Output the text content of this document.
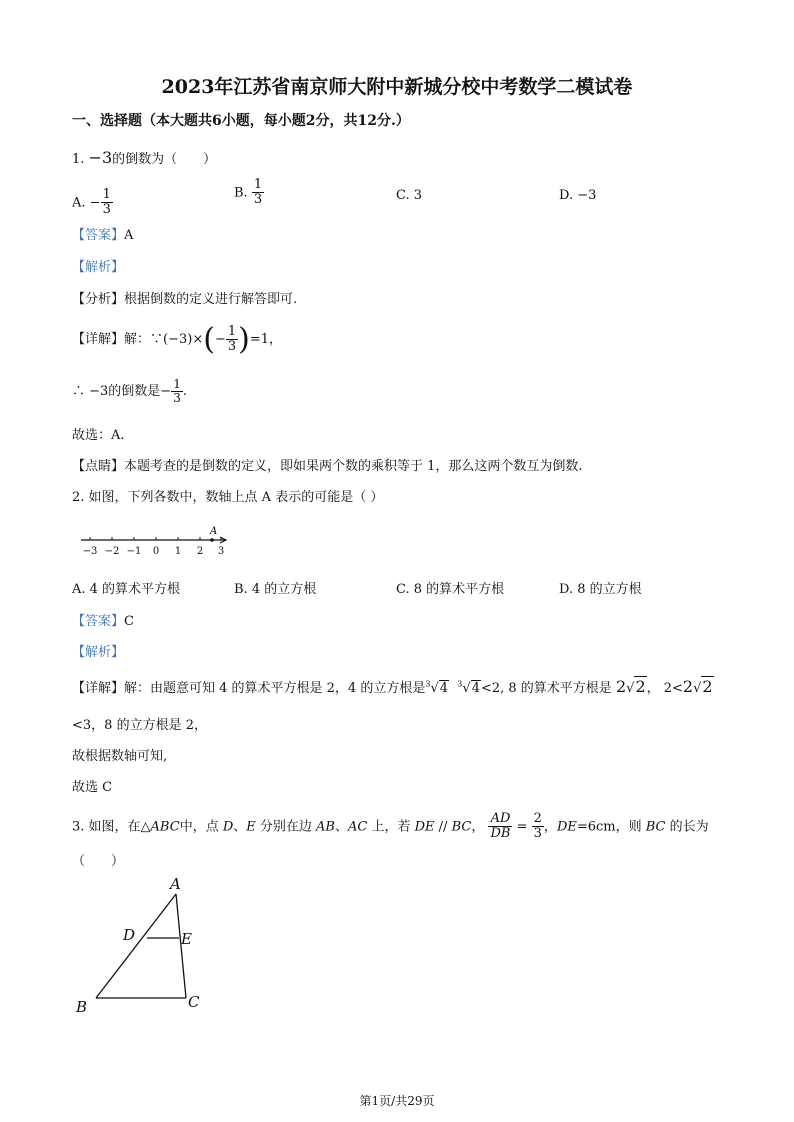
2023年江苏省南京师大附中新城分校中考数学二模试卷
一、选择题（本大题共6小题，每小题2分，共12分.）
1. −3的倒数为（　　）
A. − $\frac{1}{3}$	B. $\frac{1}{3}$	C. 3	D. −3
【答案】A
【解析】
【分析】根据倒数的定义进行解答即可.
【详解】解：∵(−3)×(− $\frac{1}{3} )=1$，
∴ −3的倒数是− $\frac{1}{3}$ .
故选：A.
【点睛】本题考查的是倒数的定义，即如果两个数的乘积等于 1，那么这两个数互为倒数.
2. 如图，下列各数中，数轴上点 A 表示的可能是（ ）
−3 −2 −1 0 1 2 3
A
A. 4 的算术平方根	B. 4 的立方根	C. 8 的算术平方根	D. 8 的立方根
【答案】C
【解析】
【详解】解：由题意可知 4 的算术平方根是 2，4 的立方根是$^3$√4 $^3$√4<2, 8 的算术平方根是 2√2， 2<2√2
<3，8 的立方根是 2，
故根据数轴可知,
故选 C
3. 如图，在△ABC中，点 D、E 分别在边 AB、AC 上，若 DE // BC， $\frac{AD}{DB} = \frac{2}{3}$ ，DE=6cm，则 BC 的长为
（　　）
A
B	C
D	E
第1页/共29页
